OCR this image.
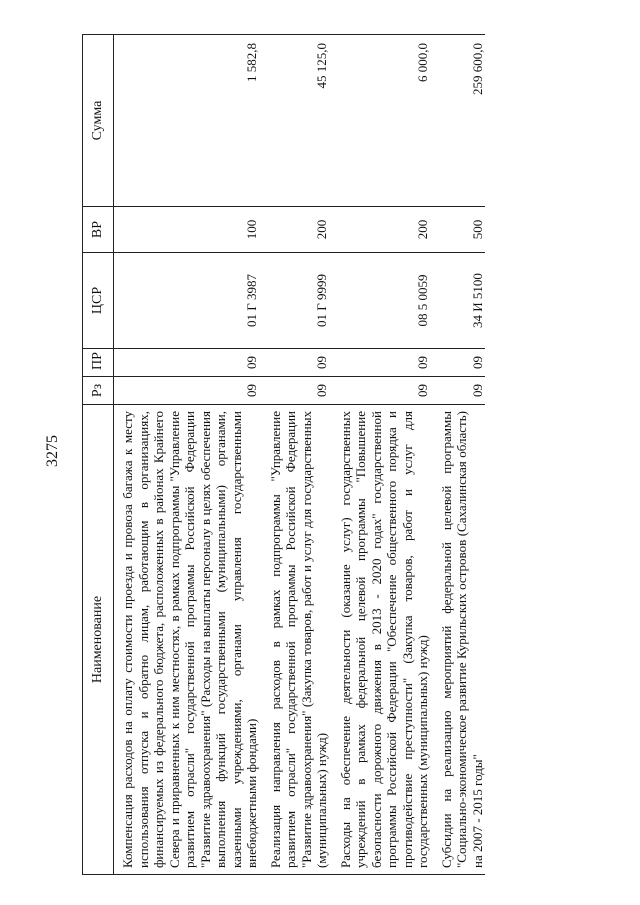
3275
Наименование	Рз	ПР	ЦСР	ВР	Сумма
Компенсация расходов на оплату стоимости проезда и провоза багажа к месту использования отпуска и обратно лицам, работающим в организациях, финансируемых из федерального бюджета, расположенных в районах Крайнего Севера и приравненных к ним местностях, в рамках подпрограммы "Управление развитием отрасли" государственной программы Российской Федерации "Развитие здравоохранения" (Расходы на выплаты персоналу в целях обеспечения выполнения функций государственными (муниципальными) органами, казенными учреждениями, органами управления государственными внебюджетными фондами)	09	09	01 Г 3987	100	1 582,8
Реализация направления расходов в рамках подпрограммы "Управление развитием отрасли" государственной программы Российской Федерации "Развитие здравоохранения" (Закупка товаров, работ и услуг для государственных (муниципальных) нужд)	09	09	01 Г 9999	200	45 125,0
Расходы на обеспечение деятельности (оказание услуг) государственных учреждений в рамках федеральной целевой программы "Повышение безопасности дорожного движения в 2013 - 2020 годах" государственной программы Российской Федерации "Обеспечение общественного порядка и противодействие преступности" (Закупка товаров, работ и услуг для государственных (муниципальных) нужд)	09	09	08 5 0059	200	6 000,0
Субсидии на реализацию мероприятий федеральной целевой программы "Социально-экономическое развитие Курильских островов (Сахалинская область) на 2007 - 2015 годы"	09	09	34 И 5100	500	259 600,0
